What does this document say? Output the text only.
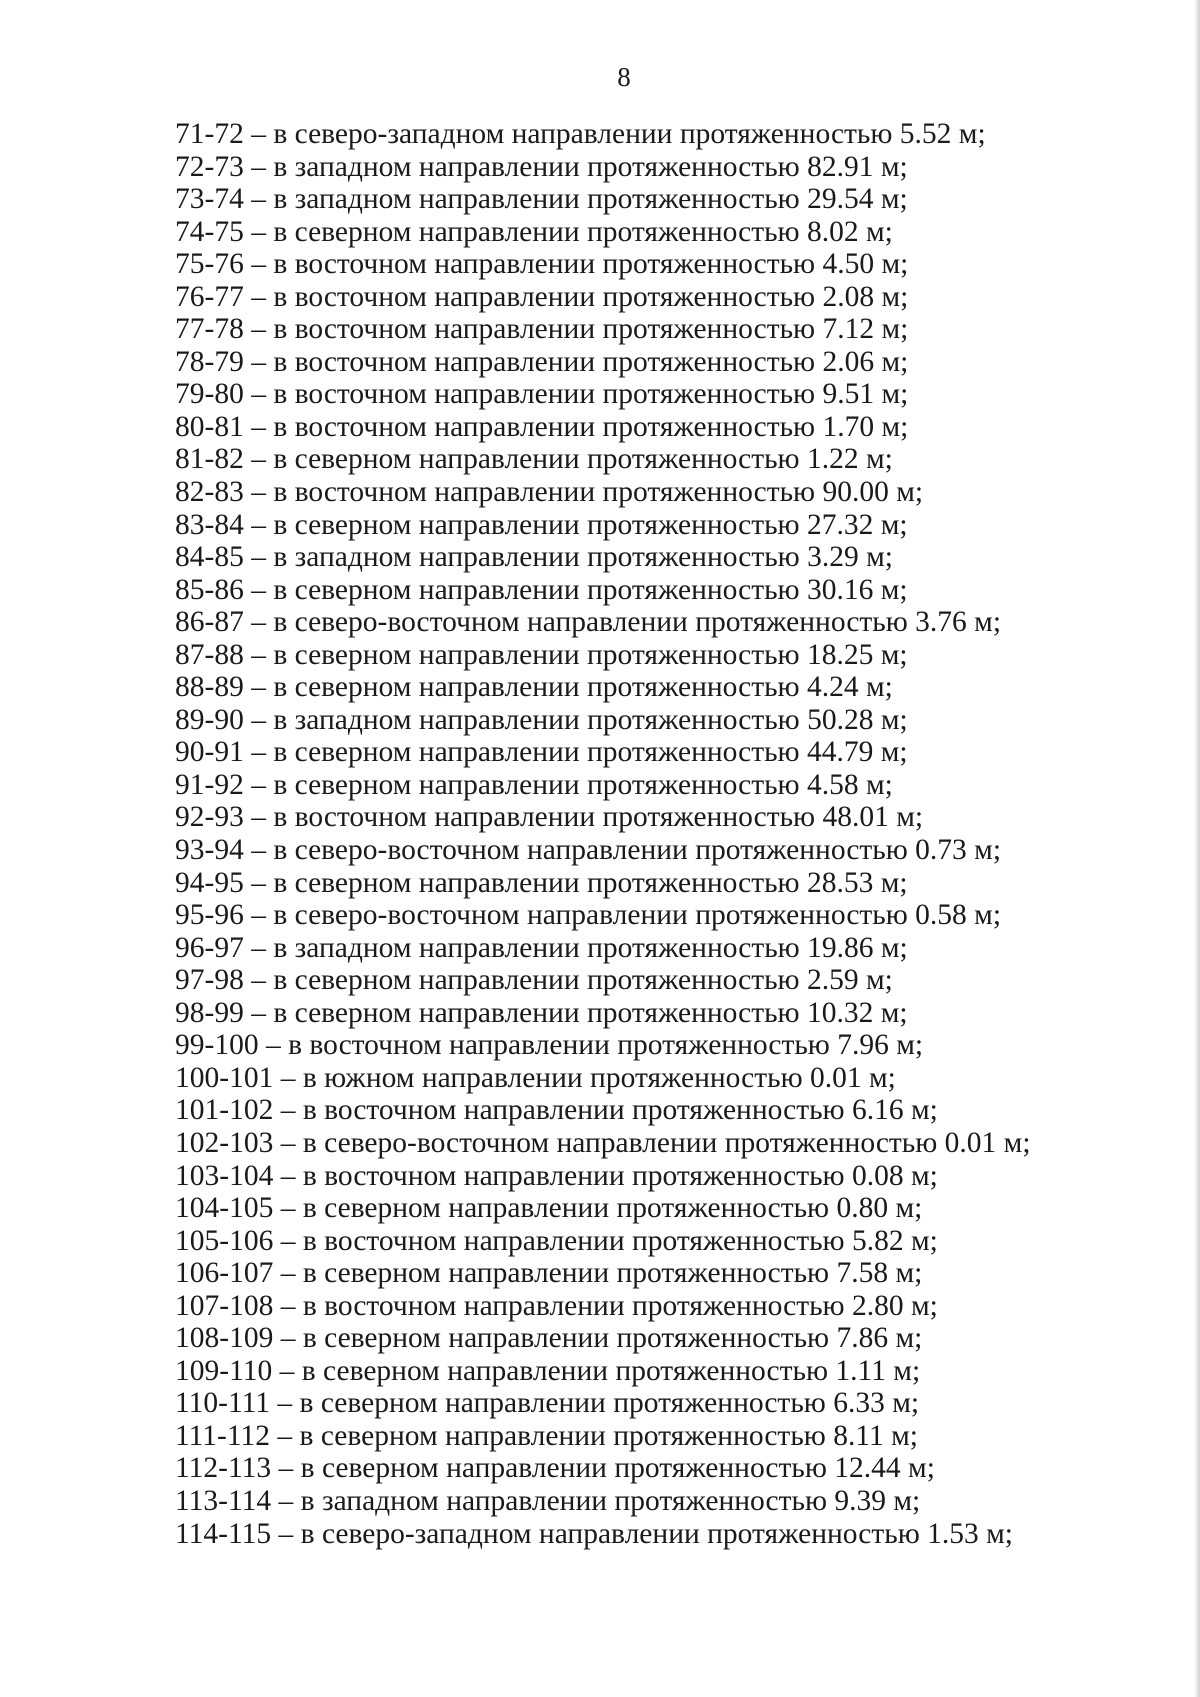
8
71-72 – в северо-западном направлении протяженностью 5.52 м;
72-73 – в западном направлении протяженностью 82.91 м;
73-74 – в западном направлении протяженностью 29.54 м;
74-75 – в северном направлении протяженностью 8.02 м;
75-76 – в восточном направлении протяженностью 4.50 м;
76-77 – в восточном направлении протяженностью 2.08 м;
77-78 – в восточном направлении протяженностью 7.12 м;
78-79 – в восточном направлении протяженностью 2.06 м;
79-80 – в восточном направлении протяженностью 9.51 м;
80-81 – в восточном направлении протяженностью 1.70 м;
81-82 – в северном направлении протяженностью 1.22 м;
82-83 – в восточном направлении протяженностью 90.00 м;
83-84 – в северном направлении протяженностью 27.32 м;
84-85 – в западном направлении протяженностью 3.29 м;
85-86 – в северном направлении протяженностью 30.16 м;
86-87 – в северо-восточном направлении протяженностью 3.76 м;
87-88 – в северном направлении протяженностью 18.25 м;
88-89 – в северном направлении протяженностью 4.24 м;
89-90 – в западном направлении протяженностью 50.28 м;
90-91 – в северном направлении протяженностью 44.79 м;
91-92 – в северном направлении протяженностью 4.58 м;
92-93 – в восточном направлении протяженностью 48.01 м;
93-94 – в северо-восточном направлении протяженностью 0.73 м;
94-95 – в северном направлении протяженностью 28.53 м;
95-96 – в северо-восточном направлении протяженностью 0.58 м;
96-97 – в западном направлении протяженностью 19.86 м;
97-98 – в северном направлении протяженностью 2.59 м;
98-99 – в северном направлении протяженностью 10.32 м;
99-100 – в восточном направлении протяженностью 7.96 м;
100-101 – в южном направлении протяженностью 0.01 м;
101-102 – в восточном направлении протяженностью 6.16 м;
102-103 – в северо-восточном направлении протяженностью 0.01 м;
103-104 – в восточном направлении протяженностью 0.08 м;
104-105 – в северном направлении протяженностью 0.80 м;
105-106 – в восточном направлении протяженностью 5.82 м;
106-107 – в северном направлении протяженностью 7.58 м;
107-108 – в восточном направлении протяженностью 2.80 м;
108-109 – в северном направлении протяженностью 7.86 м;
109-110 – в северном направлении протяженностью 1.11 м;
110-111 – в северном направлении протяженностью 6.33 м;
111-112 – в северном направлении протяженностью 8.11 м;
112-113 – в северном направлении протяженностью 12.44 м;
113-114 – в западном направлении протяженностью 9.39 м;
114-115 – в северо-западном направлении протяженностью 1.53 м;
